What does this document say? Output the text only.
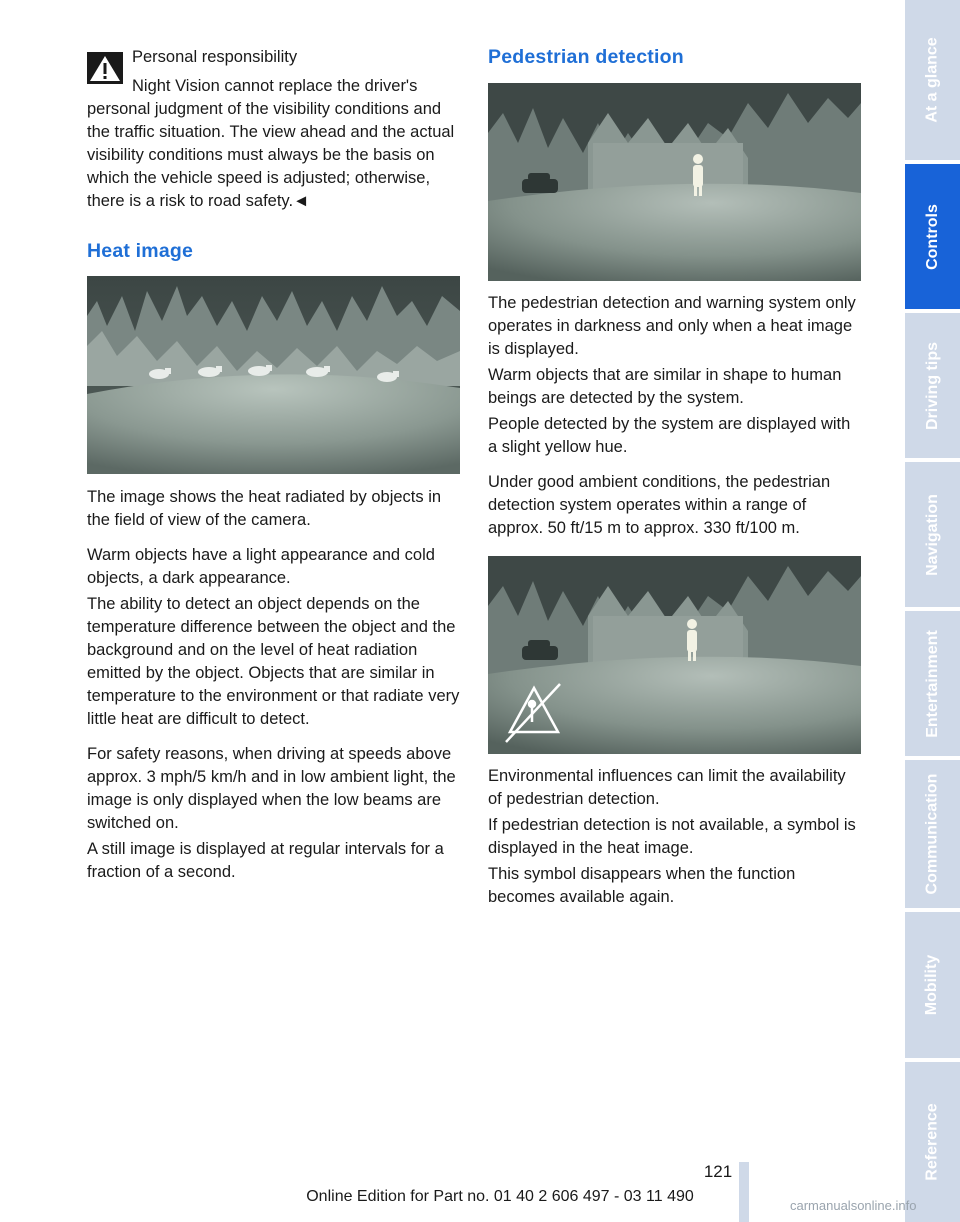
Personal responsibility

Night Vision cannot replace the driver's

personal judgment of the visibility conditions and the traffic situation. The view ahead and the actual visibility conditions must always be the basis on which the vehicle speed is adjusted; otherwise, there is a risk to road safety.◄

Heat image

The image shows the heat radiated by objects in the field of view of the camera.

Warm objects have a light appearance and cold objects, a dark appearance.

The ability to detect an object depends on the temperature difference between the object and the background and on the level of heat radiation emitted by the object. Objects that are similar in temperature to the environment or that radiate very little heat are difficult to detect.

For safety reasons, when driving at speeds above approx. 3 mph/5 km/h and in low ambient light, the image is only displayed when the low beams are switched on.

A still image is displayed at regular intervals for a fraction of a second.

Pedestrian detection

The pedestrian detection and warning system only operates in darkness and only when a heat image is displayed.

Warm objects that are similar in shape to human beings are detected by the system.

People detected by the system are displayed with a slight yellow hue.

Under good ambient conditions, the pedestrian detection system operates within a range of approx. 50 ft/15 m to approx. 330 ft/100 m.

Environmental influences can limit the availability of pedestrian detection.

If pedestrian detection is not available, a symbol is displayed in the heat image.

This symbol disappears when the function becomes available again.

At a glance
Controls
Driving tips
Navigation
Entertainment
Communication
Mobility
Reference
121
Online Edition for Part no. 01 40 2 606 497 - 03 11 490
carmanualsonline.info
